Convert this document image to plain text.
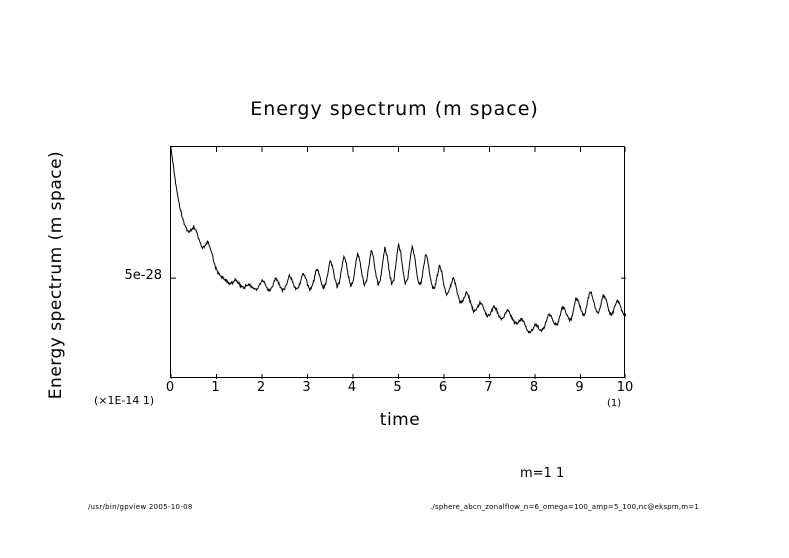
Energy spectrum (m space)
Energy spectrum (m space)
time
5e-28
(×1E-14 1)	(1)
m=1 1
/usr/bin/gpview 2005-10-08	./sphere_abcn_zonalflow_n=6_omega=100_amp=5_100,nc@ekspm,m=1
0	1	2	3	4	5	6	7	8	9	10
